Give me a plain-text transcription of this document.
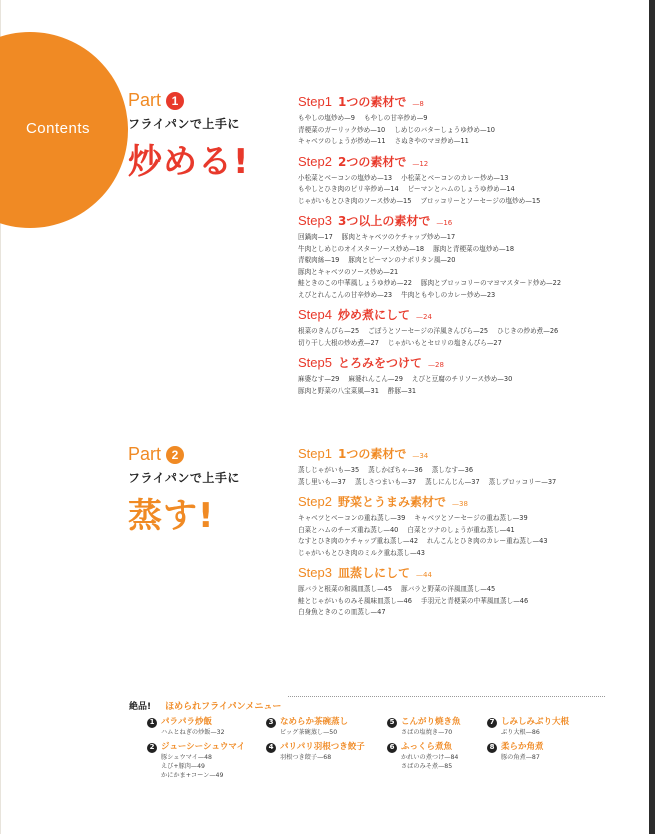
Contents
Part 1
フライパンで上手に
炒める!
Step1 1つの素材で —8
もやしの塩炒め—9 もやしの甘辛炒め—9
青梗菜のガーリック炒め—10 しめじのバターしょうゆ炒め—10
キャベツのしょうが炒め—11 さぬきやのマヨ炒め—11
Step2 2つの素材で —12
小松菜とベーコンの塩炒め—13 小松菜とベーコンのカレー炒め—13
もやしとひき肉のピリ辛炒め—14 ピーマンとハムのしょうゆ炒め—14
じゃがいもとひき肉のソース炒め—15 ブロッコリーとソーセージの塩炒め—15
Step3 3つ以上の素材で —16
回鍋肉—17 豚肉とキャベツのケチャップ炒め—17
牛肉としめじのオイスターソース炒め—18 豚肉と青梗菜の塩炒め—18
青椒肉絲—19 豚肉とピーマンのナポリタン風—20
豚肉とキャベツのソース炒め—21
鮭ときのこの中華風しょうゆ炒め—22 豚肉とブロッコリーのマヨマスタード炒め—22
えびとれんこんの甘辛炒め—23 牛肉ともやしのカレー炒め—23
Step4 炒め煮にして —24
根菜のきんぴら—25 ごぼうとソーセージの洋風きんぴら—25 ひじきの炒め煮—26
切り干し大根の炒め煮—27 じゃがいもとセロリの塩きんぴら—27
Step5 とろみをつけて —28
麻婆なす—29 麻婆れんこん—29 えびと豆腐のチリソース炒め—30
豚肉と野菜の八宝菜風—31 酢豚—31
Part 2
フライパンで上手に
蒸す!
Step1 1つの素材で —34
蒸しじゃがいも—35 蒸しかぼちゃ—36 蒸しなす—36
蒸し里いも—37 蒸しさつまいも—37 蒸しにんじん—37 蒸しブロッコリー—37
Step2 野菜とうまみ素材で —38
キャベツとベーコンの重ね蒸し—39 キャベツとソーセージの重ね蒸し—39
白菜とハムのチーズ重ね蒸し—40 白菜とツナのしょうが重ね蒸し—41
なすとひき肉のケチャップ重ね蒸し—42 れんこんとひき肉のカレー重ね蒸し—43
じゃがいもとひき肉のミルク重ね蒸し—43
Step3 皿蒸しにして —44
豚バラと根菜の和風皿蒸し—45 豚バラと野菜の洋風皿蒸し—45
鮭とじゃがいものみそ風味皿蒸し—46 手羽元と青梗菜の中華風皿蒸し—46
白身魚ときのこの皿蒸し—47
絶品! ほめられフライパンメニュー
1 パラパラ炒飯
ハムとねぎの炒飯—32
2 ジューシーシュウマイ
豚シュウマイ—48
えび+豚肉—49
かにかま+コーン—49
3 なめらか茶碗蒸し
ビッグ茶碗蒸し—50
4 パリパリ羽根つき餃子
羽根つき餃子—68
5 こんがり焼き魚
さばの塩焼き—70
6 ふっくら煮魚
かれいの煮つけ—84
さばのみそ煮—85
7 しみしみぶり大根
ぶり大根—86
8 柔らか角煮
豚の角煮—87
